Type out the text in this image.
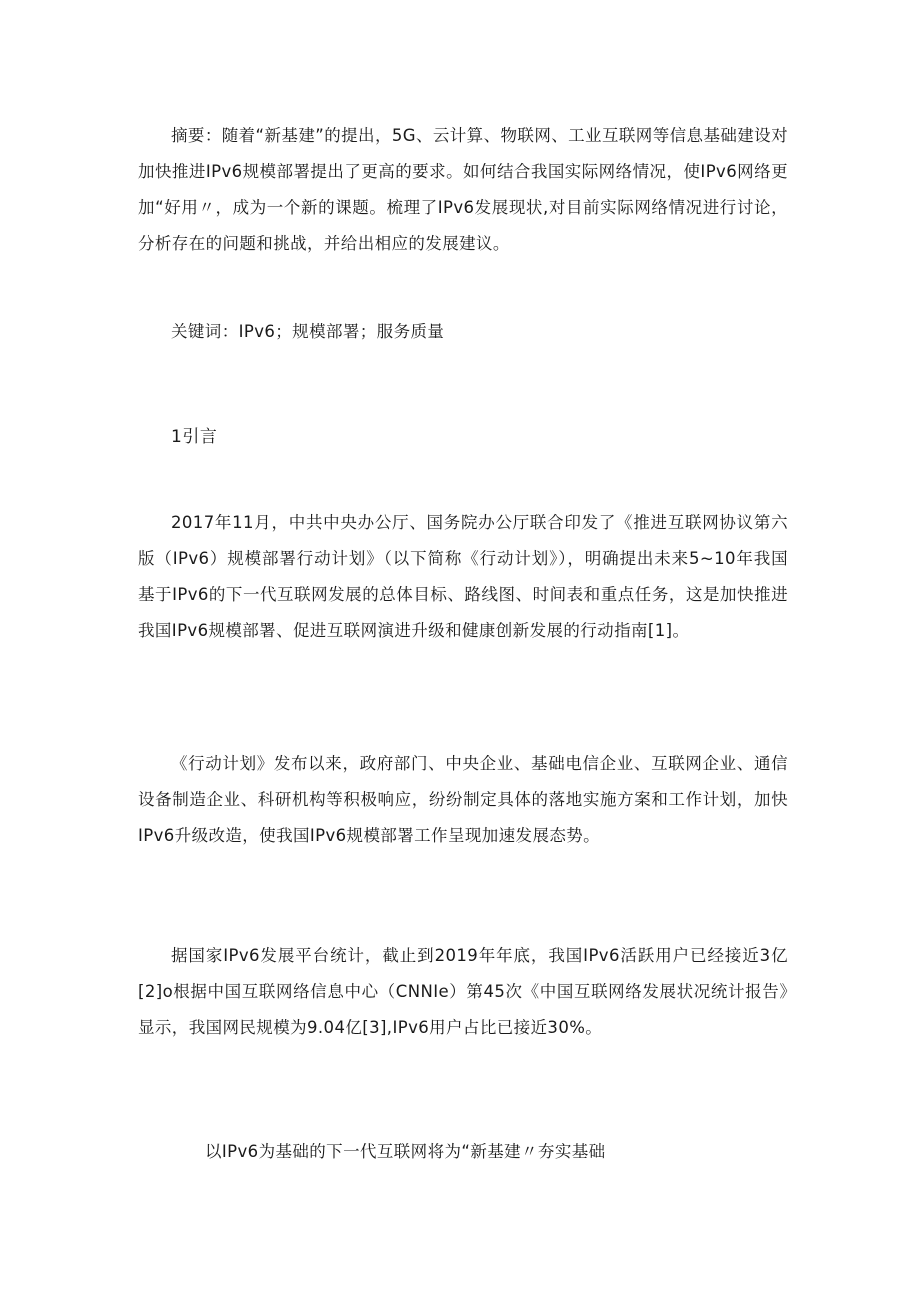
摘要：随着“新基建”的提出，5G、云计算、物联网、工业互联网等信息基础建设对加快推进IPv6规模部署提出了更高的要求。如何结合我国实际网络情况，使IPv6网络更加“好用〃，成为一个新的课题。梳理了IPv6发展现状,对目前实际网络情况进行讨论，分析存在的问题和挑战，并给出相应的发展建议。

关键词：IPv6；规模部署；服务质量

1引言

2017年11月，中共中央办公厅、国务院办公厅联合印发了《推进互联网协议第六版（IPv6）规模部署行动计划》（以下简称《行动计划》），明确提出未来5~10年我国基于IPv6的下一代互联网发展的总体目标、路线图、时间表和重点任务，这是加快推进我国IPv6规模部署、促进互联网演进升级和健康创新发展的行动指南[1]。

《行动计划》发布以来，政府部门、中央企业、基础电信企业、互联网企业、通信设备制造企业、科研机构等积极响应，纷纷制定具体的落地实施方案和工作计划，加快IPv6升级改造，使我国IPv6规模部署工作呈现加速发展态势。

据国家IPv6发展平台统计，截止到2019年年底，我国IPv6活跃用户已经接近3亿[2]o根据中国互联网络信息中心（CNNIe）第45次《中国互联网络发展状况统计报告》显示，我国网民规模为9.04亿[3],IPv6用户占比已接近30%。

以IPv6为基础的下一代互联网将为“新基建〃夯实基础
